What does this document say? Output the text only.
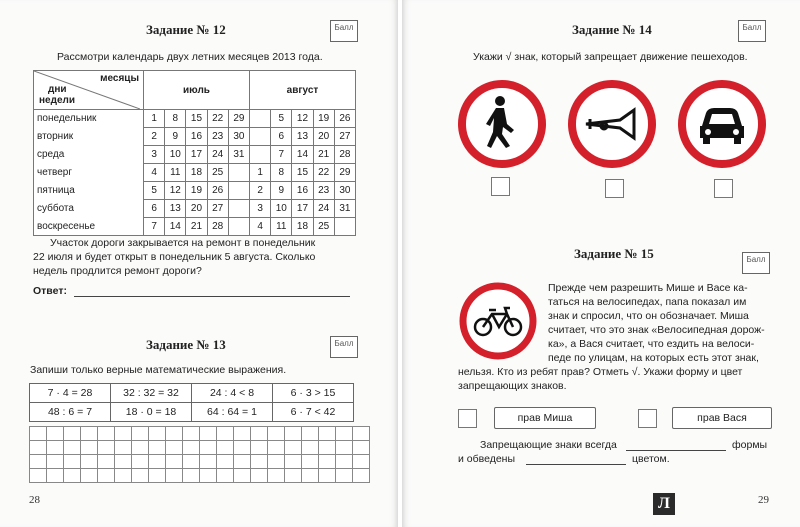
Задание № 12	Балл
Рассмотри календарь двух летних месяцев 2013 года.
месяцы
дни
недели	июль					август				
понедельник	1	8	15	22	29		5	12	19	26
вторник	2	9	16	23	30		6	13	20	27
среда	3	10	17	24	31		7	14	21	28
четверг	4	11	18	25		1	8	15	22	29
пятница	5	12	19	26		2	9	16	23	30
суббота	6	13	20	27		3	10	17	24	31
воскресенье	7	14	21	28		4	11	18	25	
Участок дороги закрывается на ремонт в понедельник
22 июля и будет открыт в понедельник 5 августа. Сколько
недель продлится ремонт дороги?
Ответ:
Задание № 13	Балл
Запиши только верные математические выражения.
7 · 4 = 28	32 : 32 = 32	24 : 4 < 8	6 · 3 > 15
48 : 6 = 7	18 · 0 = 18	64 : 64 = 1	6 · 7 < 42
28
Задание № 14	Балл
Укажи √ знак, который запрещает движение пешеходов.
Задание № 15	Балл
Прежде чем разрешить Мише и Васе ка-
таться на велосипедах, папа показал им
знак и спросил, что он обозначает. Миша
считает, что это знак «Велосипедная дорож-
ка», а Вася считает, что ездить на велоси-
педе по улицам, на которых есть этот знак,
нельзя. Кто из ребят прав? Отметь √. Укажи форму и цвет
запрещающих знаков.
прав Миша	прав Вася
Запрещающие знаки всегда	формы
и обведены	цветом.
29
Л
